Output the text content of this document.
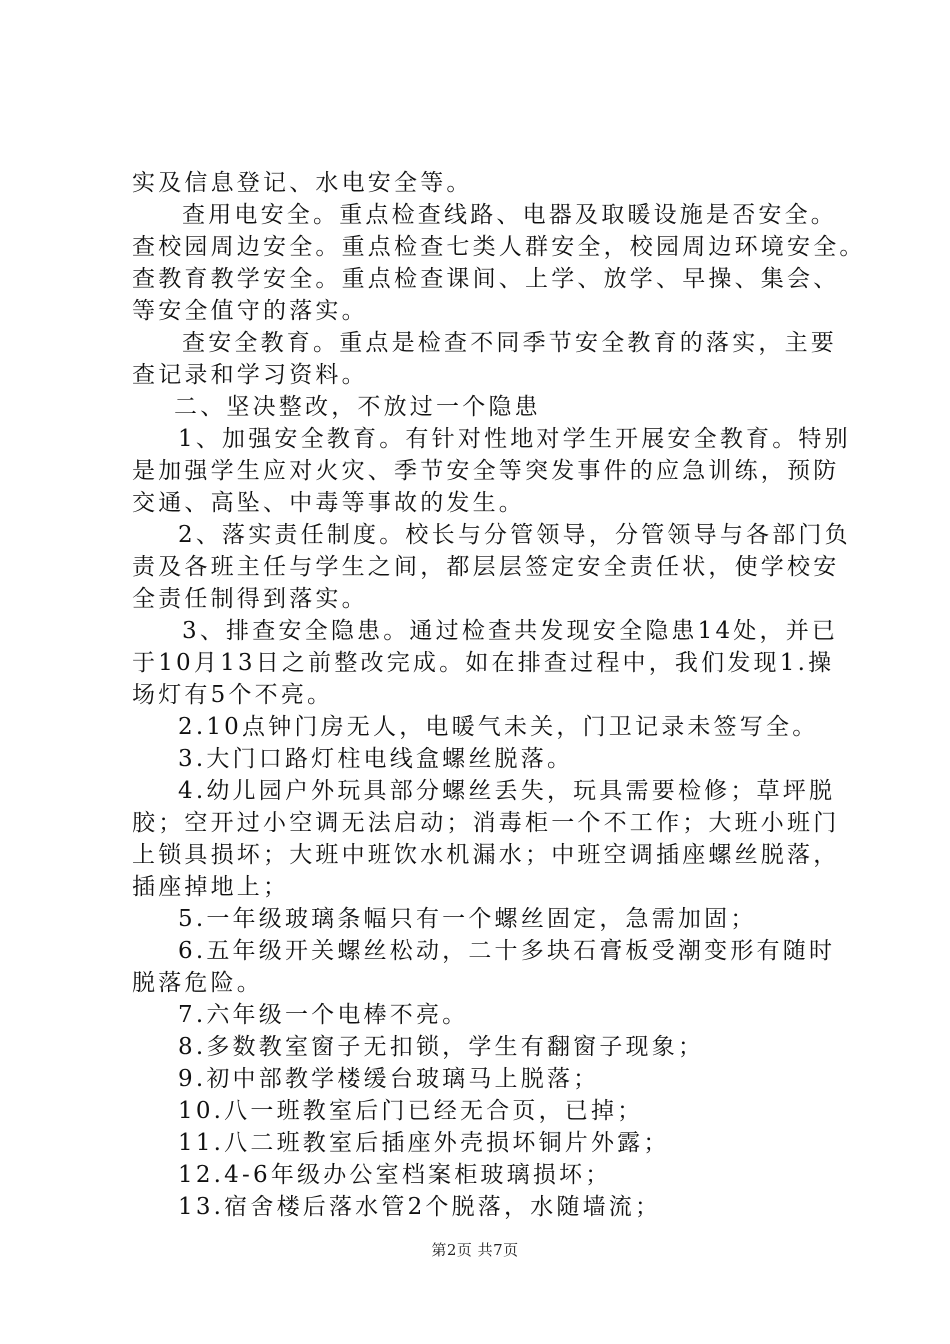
实及信息登记、水电安全等。
查用电安全。重点检查线路、电器及取暖设施是否安全。
查校园周边安全。重点检查七类人群安全，校园周边环境安全。
查教育教学安全。重点检查课间、上学、放学、早操、集会、
等安全值守的落实。
查安全教育。重点是检查不同季节安全教育的落实，主要
查记录和学习资料。
二、坚决整改，不放过一个隐患
1、加强安全教育。有针对性地对学生开展安全教育。特别
是加强学生应对火灾、季节安全等突发事件的应急训练，预防
交通、高坠、中毒等事故的发生。
2、落实责任制度。校长与分管领导，分管领导与各部门负
责及各班主任与学生之间，都层层签定安全责任状，使学校安
全责任制得到落实。
3、排查安全隐患。通过检查共发现安全隐患14处，并已
于10月13日之前整改完成。如在排查过程中，我们发现1.操
场灯有5个不亮。
2.10点钟门房无人，电暖气未关，门卫记录未签写全。
3.大门口路灯柱电线盒螺丝脱落。
4.幼儿园户外玩具部分螺丝丢失，玩具需要检修；草坪脱
胶；空开过小空调无法启动；消毒柜一个不工作；大班小班门
上锁具损坏；大班中班饮水机漏水；中班空调插座螺丝脱落，
插座掉地上；
5.一年级玻璃条幅只有一个螺丝固定，急需加固；
6.五年级开关螺丝松动，二十多块石膏板受潮变形有随时
脱落危险。
7.六年级一个电棒不亮。
8.多数教室窗子无扣锁，学生有翻窗子现象；
9.初中部教学楼缓台玻璃马上脱落；
10.八一班教室后门已经无合页，已掉；
11.八二班教室后插座外壳损坏铜片外露；
12.4-6年级办公室档案柜玻璃损坏；
13.宿舍楼后落水管2个脱落，水随墙流；
第2页 共7页
